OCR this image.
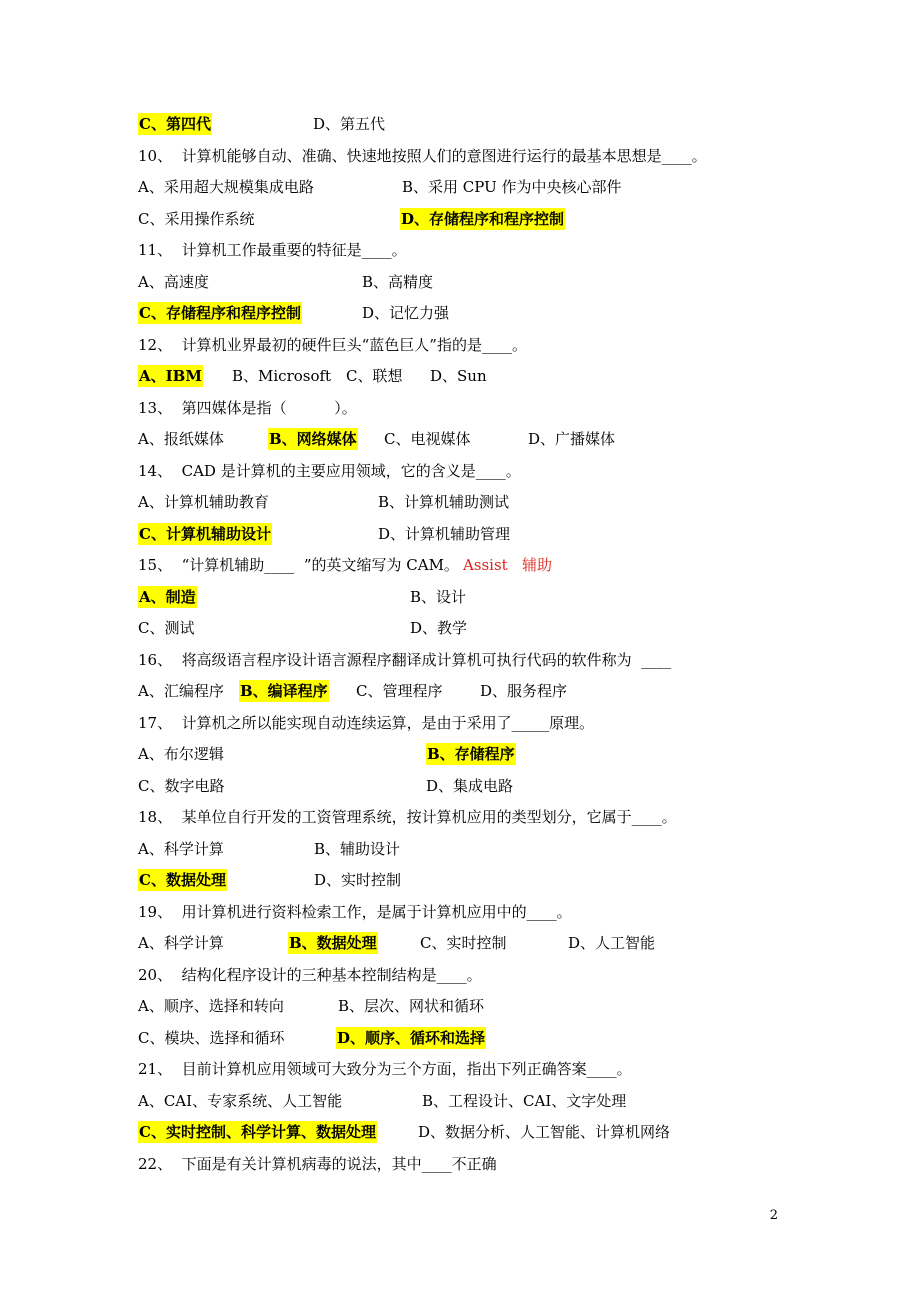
C、第四代	D、第五代
10、  计算机能够自动、准确、快速地按照人们的意图进行运行的最基本思想是____。
A、采用超大规模集成电路	B、采用 CPU 作为中央核心部件
C、采用操作系统	D、存储程序和程序控制
11、  计算机工作最重要的特征是____。
A、高速度	B、高精度
C、存储程序和程序控制	D、记忆力强
12、  计算机业界最初的硬件巨头“蓝色巨人”指的是____。
A、IBM B、Microsoft C、联想 D、Sun
13、  第四媒体是指（          ）。
A、报纸媒体	B、网络媒体 C、电视媒体	D、广播媒体
14、  CAD 是计算机的主要应用领域，它的含义是____。
A、计算机辅助教育	B、计算机辅助测试
C、计算机辅助设计	D、计算机辅助管理
15、  “计算机辅助____  ”的英文缩写为 CAM。 Assist   辅助
A、制造	B、设计
C、测试	D、教学
16、  将高级语言程序设计语言源程序翻译成计算机可执行代码的软件称为  ____
A、汇编程序 B、编译程序 C、管理程序	D、服务程序
17、  计算机之所以能实现自动连续运算，是由于采用了_____原理。
A、布尔逻辑	B、存储程序
C、数字电路	D、集成电路
18、  某单位自行开发的工资管理系统，按计算机应用的类型划分，它属于____。
A、科学计算	B、辅助设计
C、数据处理	D、实时控制
19、  用计算机进行资料检索工作，是属于计算机应用中的____。
A、科学计算	B、数据处理	C、实时控制	D、人工智能
20、  结构化程序设计的三种基本控制结构是____。
A、顺序、选择和转向	B、层次、网状和循环
C、模块、选择和循环	D、顺序、循环和选择
21、  目前计算机应用领域可大致分为三个方面，指出下列正确答案____。
A、CAI、专家系统、人工智能	B、工程设计、CAI、文字处理
C、实时控制、科学计算、数据处理	D、数据分析、人工智能、计算机网络
22、  下面是有关计算机病毒的说法，其中____不正确
2
